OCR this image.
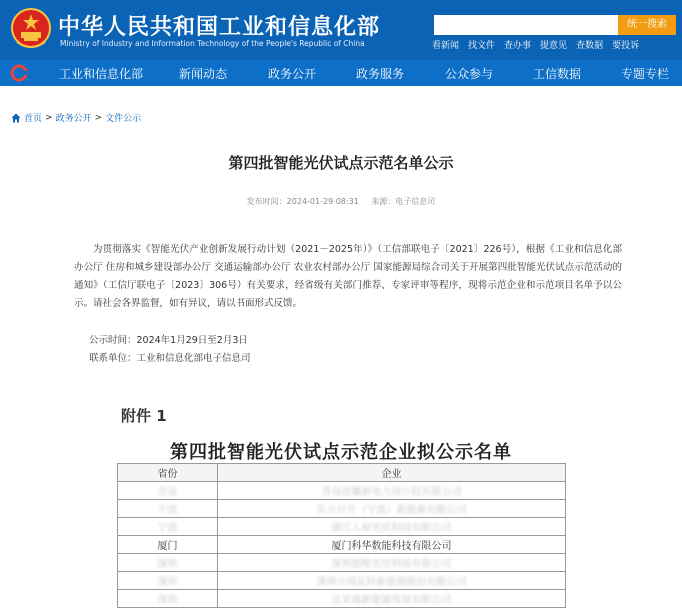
中华人民共和国工业和信息化部
Ministry of Industry and Information Technology of the People's Republic of China
统一搜索
看新闻 找文件 查办事 提意见 查数据 要投诉
工业和信息化部	新闻动态	政务公开	政务服务	公众参与	工信数据	专题专栏
首页 > 政务公开 > 文件公示
第四批智能光伏试点示范名单公示
发布时间：2024-01-29 08:31 来源：电子信息司

为贯彻落实《智能光伏产业创新发展行动计划（2021－2025年）》（工信部联电子〔2021〕226号），根据《工业和信息化部办公厅 住房和城乡建设部办公厅 交通运输部办公厅 农业农村部办公厅 国家能源局综合司关于开展第四批智能光伏试点示范活动的通知》（工信厅联电子〔2023〕306号）有关要求，经省级有关部门推荐、专家评审等程序，现将示范企业和示范项目名单予以公示。请社会各界监督，如有异议，请以书面形式反馈。

公示时间：2024年1月29日至2月3日
联系单位：工业和信息化部电子信息司
附件 1
第四批智能光伏试点示范企业拟公示名单
省份	企业
青岛	青岛创馨新电力设计院有限公司
宁波	东方日升（宁波）新能源有限公司
宁波	浙江人和光伏科技有限公司
厦门	厦门科华数能科技有限公司
深圳	深圳创维光伏科技有限公司
深圳	深圳古瑞瓦特新能源股份有限公司
深圳	比亚迪新能源发展有限公司
